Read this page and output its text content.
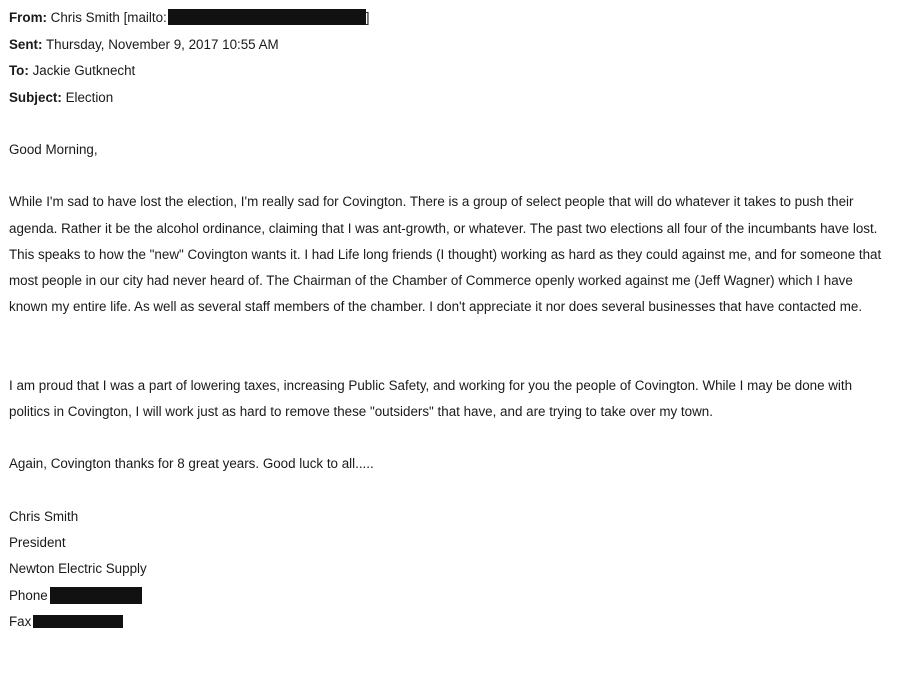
From: Chris Smith [mailto:	]
Sent: Thursday, November 9, 2017 10:55 AM
To: Jackie Gutknecht
Subject: Election

Good Morning,

While I'm sad to have lost the election, I'm really sad for Covington. There is a group of select people that will do whatever it takes to push their agenda. Rather it be the alcohol ordinance, claiming that I was ant-growth, or whatever. The past two elections all four of the incumbants have lost. This speaks to how the "new" Covington wants it. I had Life long friends (I thought) working as hard as they could against me, and for someone that most people in our city had never heard of. The Chairman of the Chamber of Commerce openly worked against me (Jeff Wagner) which I have known my entire life. As well as several staff members of the chamber. I don't appreciate it nor does several businesses that have contacted me.

I am proud that I was a part of lowering taxes, increasing Public Safety, and working for you the people of Covington. While I may be done with politics in Covington, I will work just as hard to remove these "outsiders" that have, and are trying to take over my town.

Again, Covington thanks for 8 great years. Good luck to all.....

Chris Smith
President
Newton Electric Supply
Phone
Fax
